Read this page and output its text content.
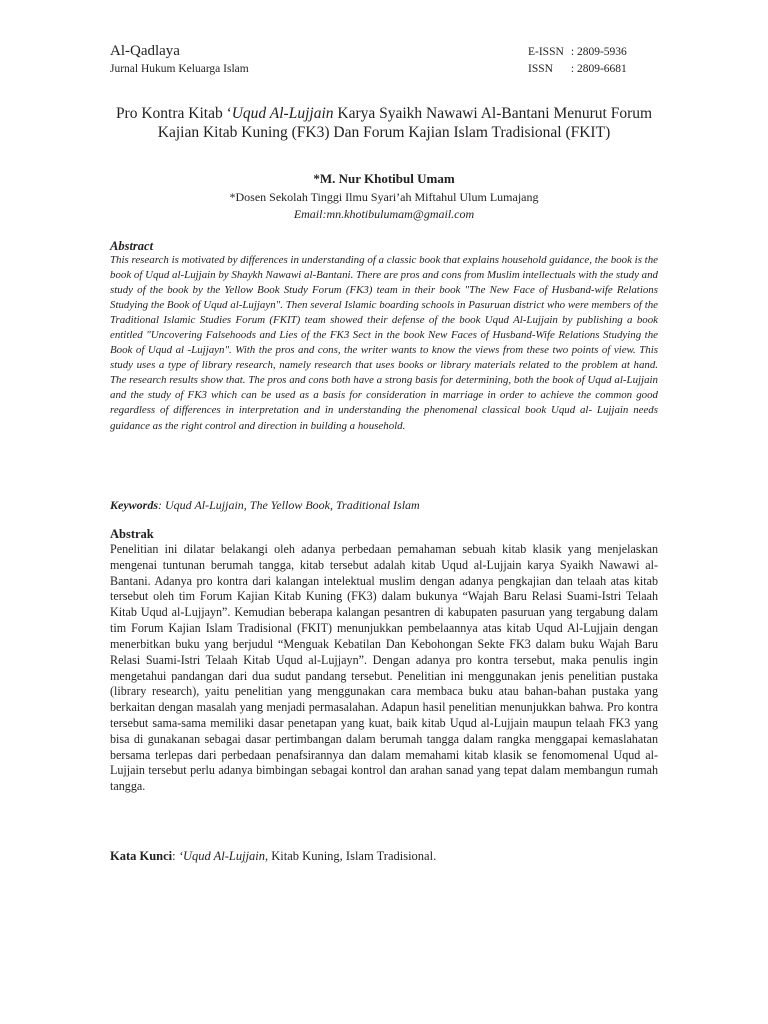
Al-Qadlaya
Jurnal Hukum Keluarga Islam
E-ISSN : 2809-5936
ISSN : 2809-6681
Pro Kontra Kitab ‘Uqud Al-Lujjain Karya Syaikh Nawawi Al-Bantani Menurut Forum Kajian Kitab Kuning (FK3) Dan Forum Kajian Islam Tradisional (FKIT)
*M. Nur Khotibul Umam
*Dosen Sekolah Tinggi Ilmu Syari’ah Miftahul Ulum Lumajang
Email:mn.khotibulumam@gmail.com
Abstract

This research is motivated by differences in understanding of a classic book that explains household guidance, the book is the book of Uqud al-Lujjain by Shaykh Nawawi al-Bantani. There are pros and cons from Muslim intellectuals with the study and study of the book by the Yellow Book Study Forum (FK3) team in their book "The New Face of Husband-wife Relations Studying the Book of Uqud al-Lujjayn". Then several Islamic boarding schools in Pasuruan district who were members of the Traditional Islamic Studies Forum (FKIT) team showed their defense of the book Uqud Al-Lujjain by publishing a book entitled "Uncovering Falsehoods and Lies of the FK3 Sect in the book New Faces of Husband-Wife Relations Studying the Book of Uqud al -Lujjayn". With the pros and cons, the writer wants to know the views from these two points of view. This study uses a type of library research, namely research that uses books or library materials related to the problem at hand. The research results show that. The pros and cons both have a strong basis for determining, both the book of Uqud al-Lujjain and the study of FK3 which can be used as a basis for consideration in marriage in order to achieve the common good regardless of differences in interpretation and in understanding the phenomenal classical book Uqud al- Lujjain needs guidance as the right control and direction in building a household.

Keywords: Uqud Al-Lujjain, The Yellow Book, Traditional Islam
Abstrak

Penelitian ini dilatar belakangi oleh adanya perbedaan pemahaman sebuah kitab klasik yang menjelaskan mengenai tuntunan berumah tangga, kitab tersebut adalah kitab Uqud al-Lujjain karya Syaikh Nawawi al-Bantani. Adanya pro kontra dari kalangan intelektual muslim dengan adanya pengkajian dan telaah atas kitab tersebut oleh tim Forum Kajian Kitab Kuning (FK3) dalam bukunya “Wajah Baru Relasi Suami-Istri Telaah Kitab Uqud al-Lujjayn”. Kemudian beberapa kalangan pesantren di kabupaten pasuruan yang tergabung dalam tim Forum Kajian Islam Tradisional (FKIT) menunjukkan pembelaannya atas kitab Uqud Al-Lujjain dengan menerbitkan buku yang berjudul “Menguak Kebatilan Dan Kebohongan Sekte FK3 dalam buku Wajah Baru Relasi Suami-Istri Telaah Kitab Uqud al-Lujjayn”. Dengan adanya pro kontra tersebut, maka penulis ingin mengetahui pandangan dari dua sudut pandang tersebut. Penelitian ini menggunakan jenis penelitian pustaka (library research), yaitu penelitian yang menggunakan cara membaca buku atau bahan-bahan pustaka yang berkaitan dengan masalah yang menjadi permasalahan. Adapun hasil penelitian menunjukkan bahwa. Pro kontra tersebut sama-sama memiliki dasar penetapan yang kuat, baik kitab Uqud al-Lujjain maupun telaah FK3 yang bisa di gunakanan sebagai dasar pertimbangan dalam berumah tangga dalam rangka menggapai kemaslahatan bersama terlepas dari perbedaan penafsirannya dan dalam memahami kitab klasik se fenomomenal Uqud al-Lujjain tersebut perlu adanya bimbingan sebagai kontrol dan arahan sanad yang tepat dalam membangun rumah tangga.

Kata Kunci: ‘Uqud Al-Lujjain, Kitab Kuning, Islam Tradisional.
